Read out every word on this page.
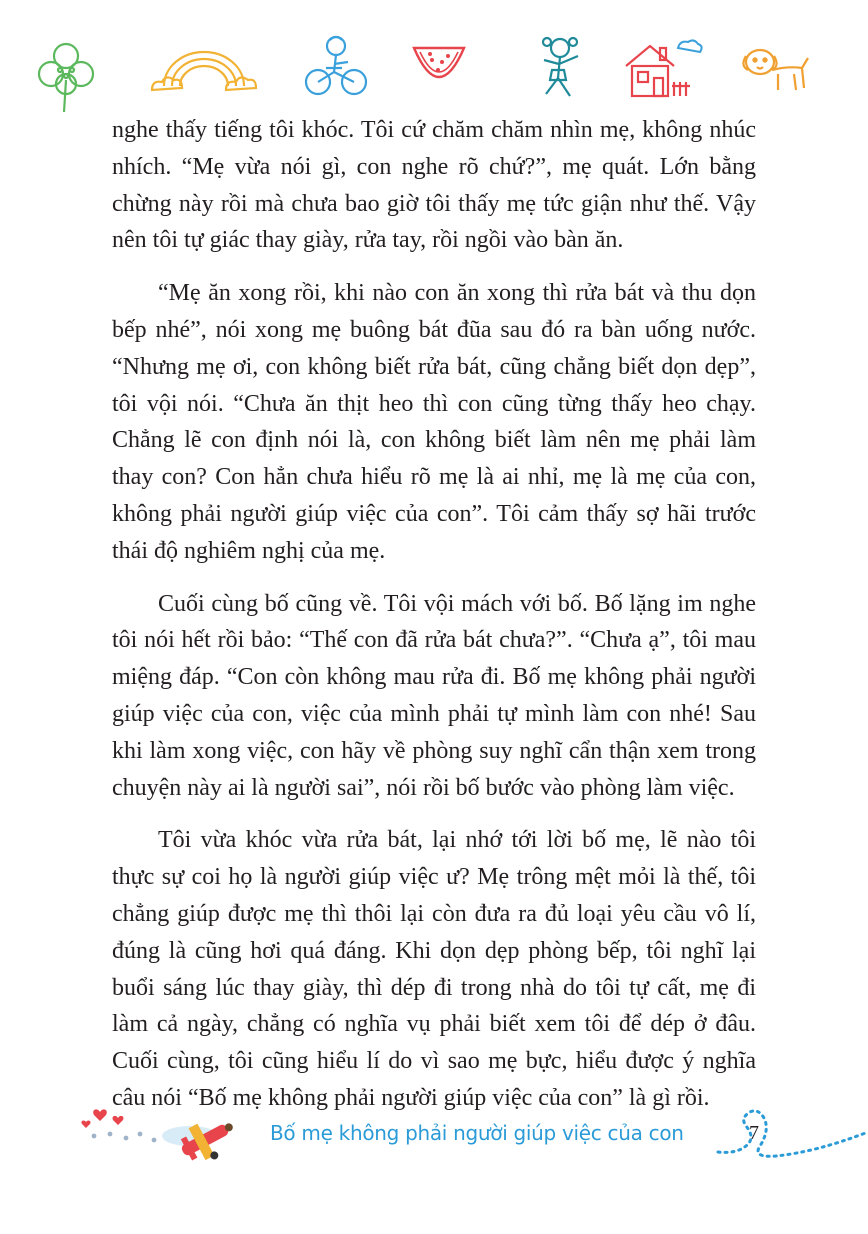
nghe thấy tiếng tôi khóc. Tôi cứ chăm chăm nhìn mẹ, không nhúc nhích. “Mẹ vừa nói gì, con nghe rõ chứ?”, mẹ quát. Lớn bằng chừng này rồi mà chưa bao giờ tôi thấy mẹ tức giận như thế. Vậy nên tôi tự giác thay giày, rửa tay, rồi ngồi vào bàn ăn.

“Mẹ ăn xong rồi, khi nào con ăn xong thì rửa bát và thu dọn bếp nhé”, nói xong mẹ buông bát đũa sau đó ra bàn uống nước. “Nhưng mẹ ơi, con không biết rửa bát, cũng chẳng biết dọn dẹp”, tôi vội nói. “Chưa ăn thịt heo thì con cũng từng thấy heo chạy. Chẳng lẽ con định nói là, con không biết làm nên mẹ phải làm thay con? Con hẳn chưa hiểu rõ mẹ là ai nhỉ, mẹ là mẹ của con, không phải người giúp việc của con”. Tôi cảm thấy sợ hãi trước thái độ nghiêm nghị của mẹ.

Cuối cùng bố cũng về. Tôi vội mách với bố. Bố lặng im nghe tôi nói hết rồi bảo: “Thế con đã rửa bát chưa?”. “Chưa ạ”, tôi mau miệng đáp. “Con còn không mau rửa đi. Bố mẹ không phải người giúp việc của con, việc của mình phải tự mình làm con nhé! Sau khi làm xong việc, con hãy về phòng suy nghĩ cẩn thận xem trong chuyện này ai là người sai”, nói rồi bố bước vào phòng làm việc.

Tôi vừa khóc vừa rửa bát, lại nhớ tới lời bố mẹ, lẽ nào tôi thực sự coi họ là người giúp việc ư? Mẹ trông mệt mỏi là thế, tôi chẳng giúp được mẹ thì thôi lại còn đưa ra đủ loại yêu cầu vô lí, đúng là cũng hơi quá đáng. Khi dọn dẹp phòng bếp, tôi nghĩ lại buổi sáng lúc thay giày, thì dép đi trong nhà do tôi tự cất, mẹ đi làm cả ngày, chẳng có nghĩa vụ phải biết xem tôi để dép ở đâu. Cuối cùng, tôi cũng hiểu lí do vì sao mẹ bực, hiểu được ý nghĩa câu nói “Bố mẹ không phải người giúp việc của con” là gì rồi.

Bố mẹ không phải người giúp việc của con	7
